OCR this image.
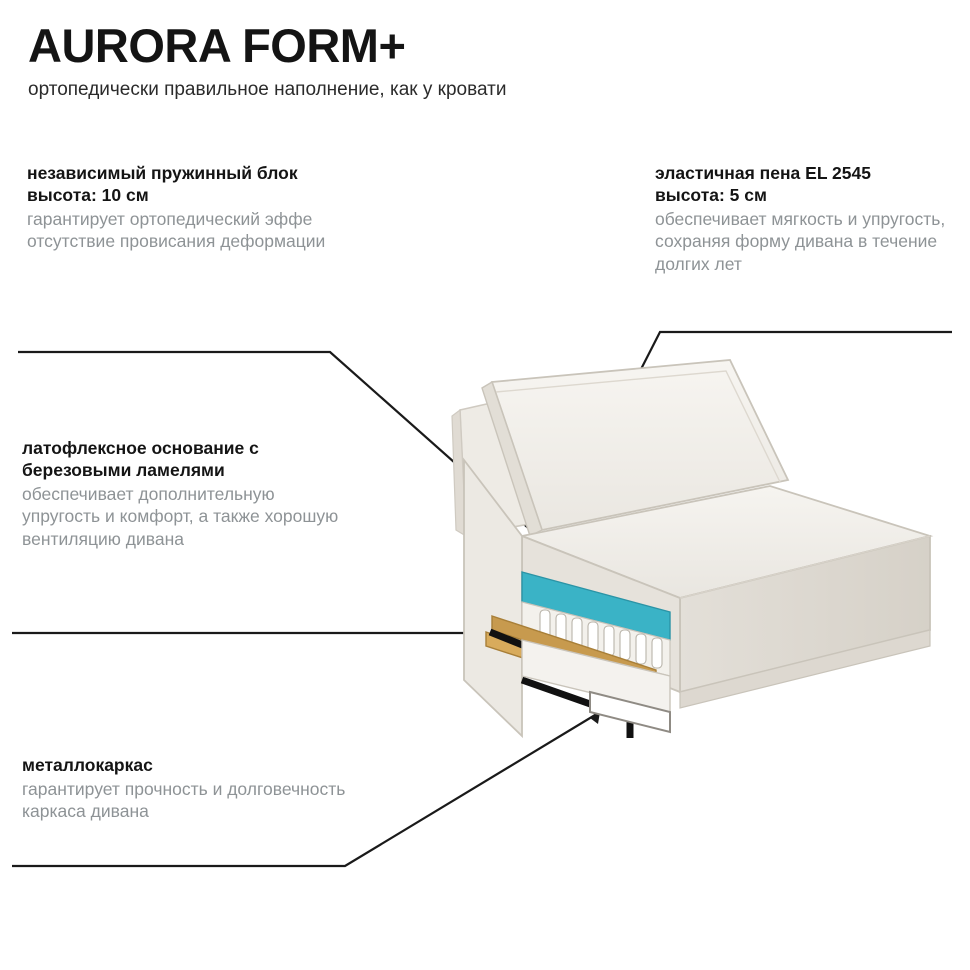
AURORA FORM+
ортопедически правильное наполнение, как у кровати
независимый пружинный блок
высота: 10 см
гарантирует ортопедический эффе отсутствие провисания деформации
эластичная пена EL 2545
высота: 5 см
обеспечивает мягкость и упругость, сохраняя форму дивана в течение долгих лет
латофлексное основание с березовыми ламелями
обеспечивает дополнительную упругость и комфорт, а также хорошую вентиляцию дивана
металлокаркас
гарантирует прочность и долговечность каркаса дивана
